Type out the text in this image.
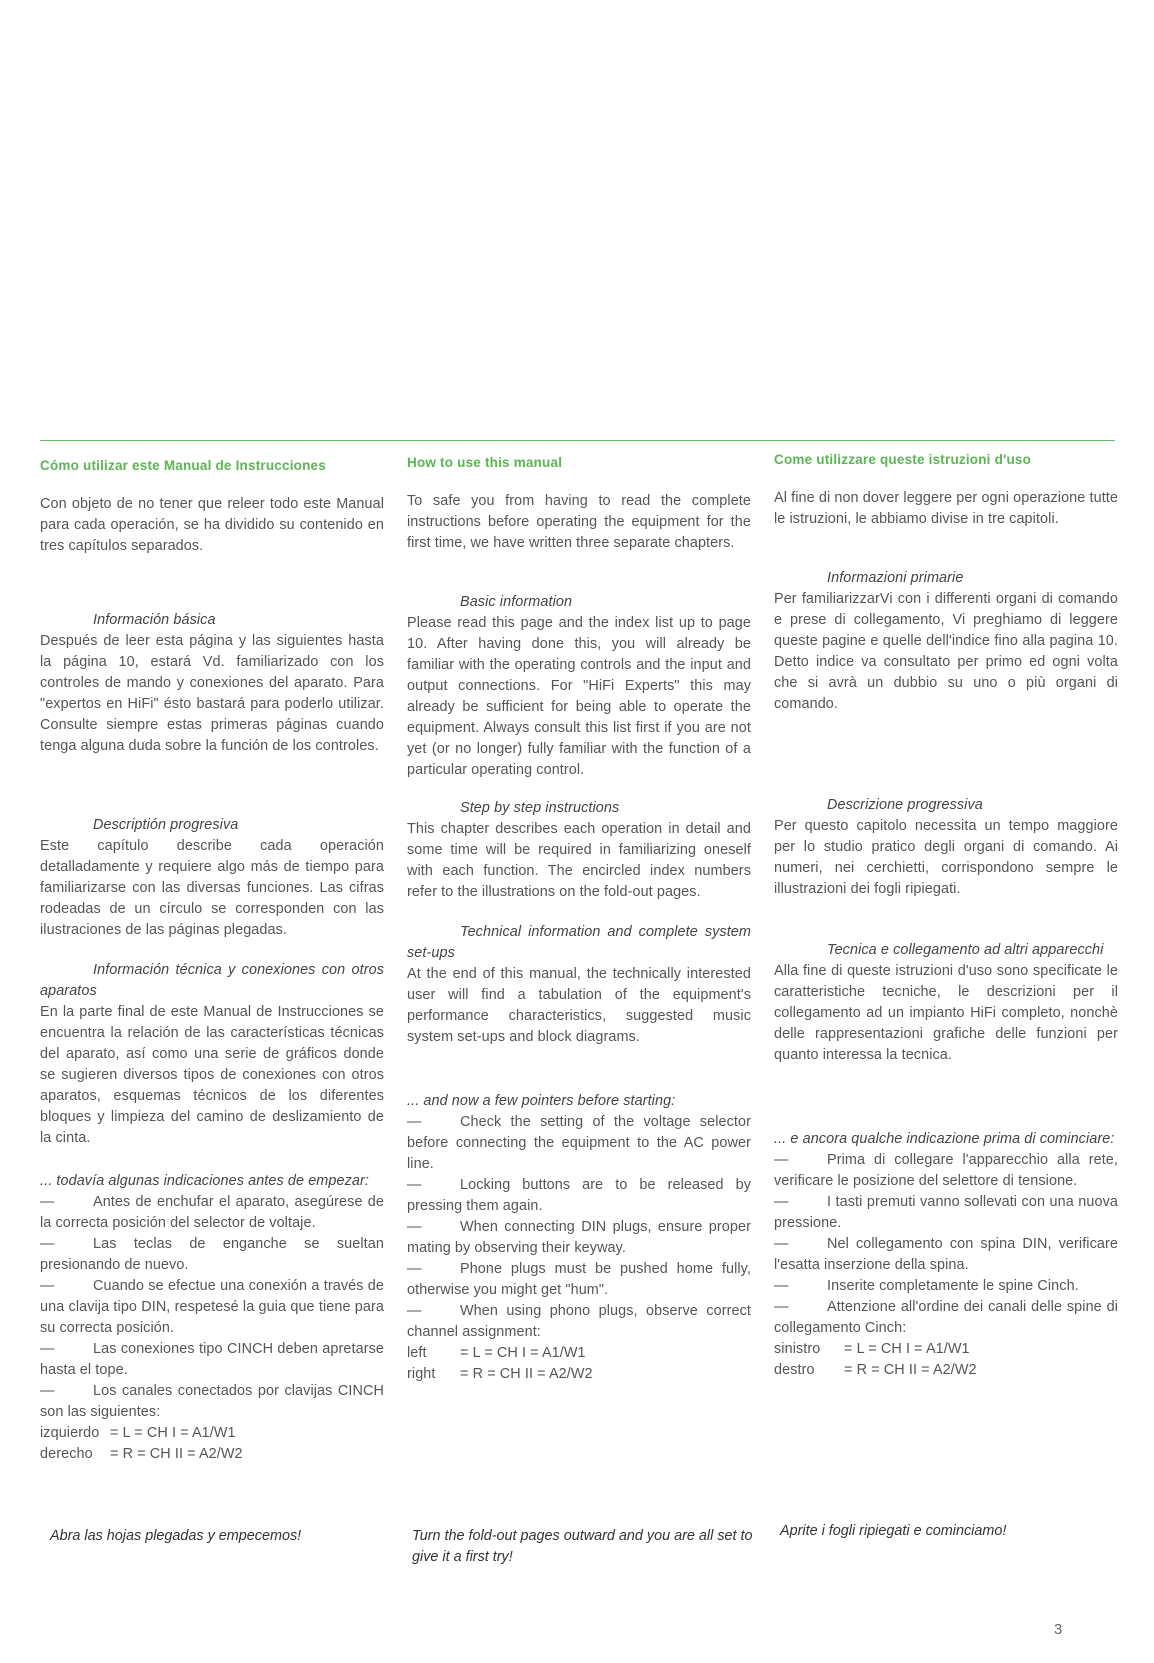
Cómo utilizar este Manual de Instrucciones

Con objeto de no tener que releer todo este Manual para cada operación, se ha dividido su contenido en tres capítulos separados.

Información básica

Después de leer esta página y las siguientes hasta la página 10, estará Vd. familiarizado con los controles de mando y conexiones del aparato. Para "expertos en HiFi" ésto bastará para poderlo utilizar. Consulte siempre estas primeras páginas cuando tenga alguna duda sobre la función de los controles.

Descriptión progresiva

Este capítulo describe cada operación detalladamente y requiere algo más de tiempo para familiarizarse con las diversas funciones. Las cifras rodeadas de un círculo se corresponden con las ilustraciones de las páginas plegadas.

Información técnica y conexiones con otros aparatos

En la parte final de este Manual de Instrucciones se encuentra la relación de las características técnicas del aparato, así como una serie de gráficos donde se sugieren diversos tipos de conexiones con otros aparatos, esquemas técnicos de los diferentes bloques y limpieza del camino de deslizamiento de la cinta.

... todavía algunas indicaciones antes de empezar:

—	Antes de enchufar el aparato, asegúrese de la correcta posición del selector de voltaje.

—	Las teclas de enganche se sueltan presionando de nuevo.

—	Cuando se efectue una conexión a través de una clavija tipo DIN, respetesé la guia que tiene para su correcta posición.

—	Las conexiones tipo CINCH deben apretarse hasta el tope.

—	Los canales conectados por clavijas CINCH son las siguientes:

izquierdo = L = CH I = A1/W1

derecho	= R = CH II = A2/W2

How to use this manual

To safe you from having to read the complete instructions before operating the equipment for the first time, we have written three separate chapters.

Basic information

Please read this page and the index list up to page 10. After having done this, you will already be familiar with the operating controls and the input and output connections. For "HiFi Experts" this may already be sufficient for being able to operate the equipment. Always consult this list first if you are not yet (or no longer) fully familiar with the function of a particular operating control.

Step by step instructions

This chapter describes each operation in detail and some time will be required in familiarizing oneself with each function. The encircled index numbers refer to the illustrations on the fold-out pages.

Technical information and complete system set-ups

At the end of this manual, the technically interested user will find a tabulation of the equipment's performance characteristics, suggested music system set-ups and block diagrams.

... and now a few pointers before starting:

—	Check the setting of the voltage selector before connecting the equipment to the AC power line.

—	Locking buttons are to be released by pressing them again.

—	When connecting DIN plugs, ensure proper mating by observing their keyway.

—	Phone plugs must be pushed home fully, otherwise you might get "hum".

—	When using phono plugs, observe correct channel assignment:

left	= L = CH I = A1/W1

right	= R = CH II = A2/W2

Come utilizzare queste istruzioni d'uso

Al fine di non dover leggere per ogni operazione tutte le istruzioni, le abbiamo divise in tre capitoli.

Informazioni primarie

Per familiarizzarVi con i differenti organi di comando e prese di collegamento, Vi preghiamo di leggere queste pagine e quelle dell'indice fino alla pagina 10. Detto indice va consultato per primo ed ogni volta che si avrà un dubbio su uno o più organi di comando.

Descrizione progressiva

Per questo capitolo necessita un tempo maggiore per lo studio pratico degli organi di comando. Ai numeri, nei cerchietti, corrispondono sempre le illustrazioni dei fogli ripiegati.

Tecnica e collegamento ad altri apparecchi

Alla fine di queste istruzioni d'uso sono specificate le caratteristiche tecniche, le descrizioni per il collegamento ad un impianto HiFi completo, nonchè delle rappresentazioni grafiche delle funzioni per quanto interessa la tecnica.

... e ancora qualche indicazione prima di cominciare:

—	Prima di collegare l'apparecchio alla rete, verificare le posizione del selettore di tensione.

—	I tasti premuti vanno sollevati con una nuova pressione.

—	Nel collegamento con spina DIN, verificare l'esatta inserzione della spina.

—	Inserite completamente le spine Cinch.

—	Attenzione all'ordine dei canali delle spine di collegamento Cinch:

sinistro	= L = CH I = A1/W1

destro	= R = CH II = A2/W2

Abra las hojas plegadas y empecemos!	Turn the fold-out pages outward and you are all set to give it a first try!

Aprite i fogli ripiegati e cominciamo!

3
